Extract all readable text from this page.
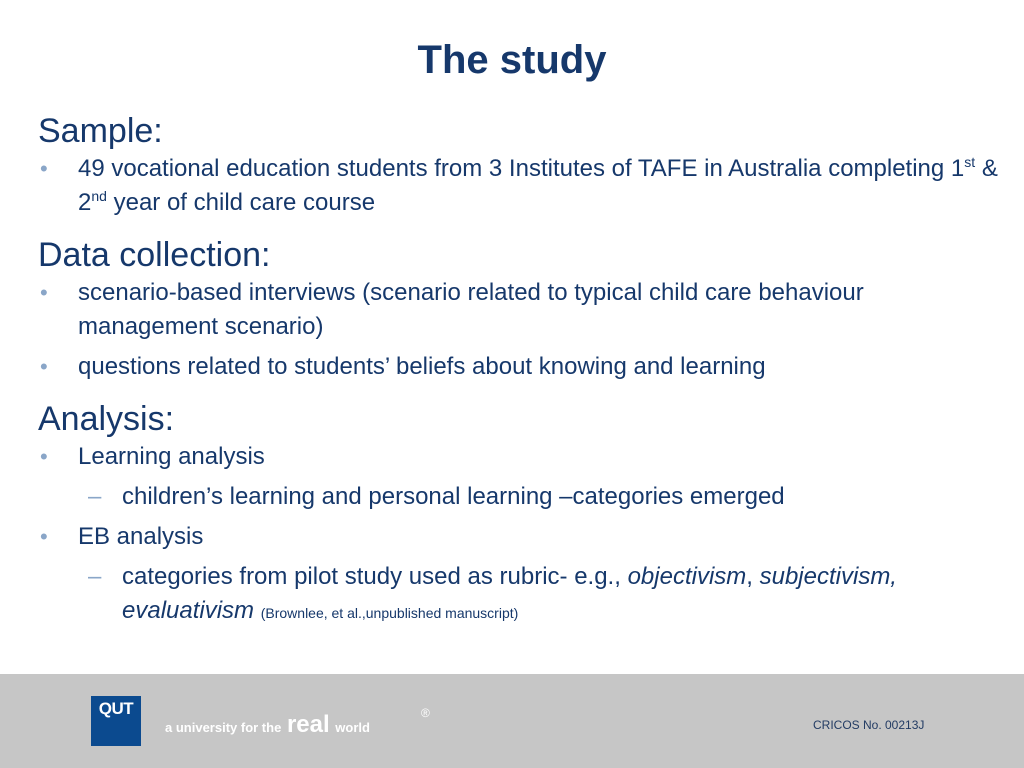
The study

Sample:

• 49 vocational education students from 3 Institutes of TAFE in Australia completing 1st & 2nd year of child care course

Data collection:

• scenario-based interviews (scenario related to typical child care behaviour management scenario)
• questions related to students’ beliefs about knowing and learning

Analysis:

• Learning analysis
– children’s learning and personal learning –categories emerged
• EB analysis
– categories from pilot study used as rubric- e.g., objectivism, subjectivism, evaluativism (Brownlee, et al.,unpublished manuscript)
QUT
a university for the real world
®
CRICOS No. 00213J
